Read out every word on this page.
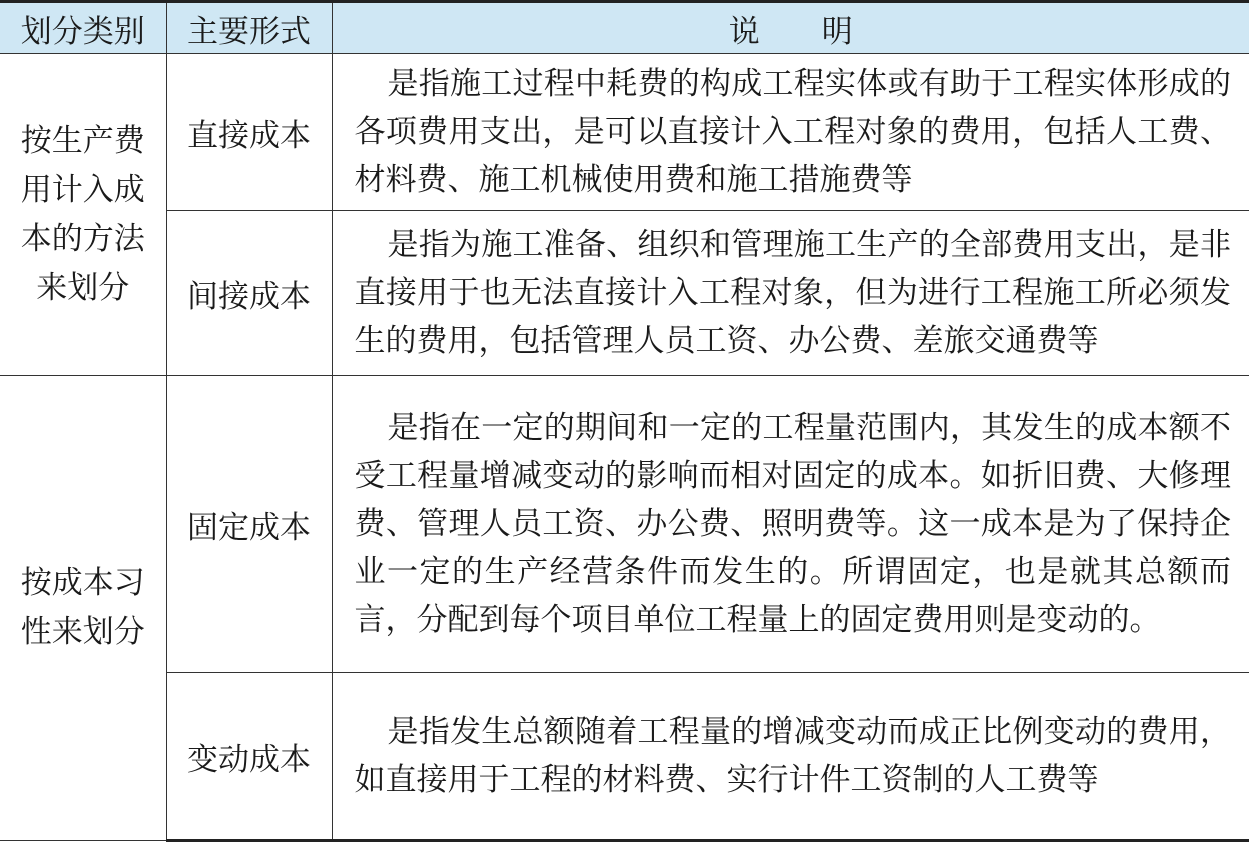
划分类别	主要形式	说　　明
按生产费用计入成本的方法来划分	直接成本	是指施工过程中耗费的构成工程实体或有助于工程实体形成的各项费用支出，是可以直接计入工程对象的费用，包括人工费、材料费、施工机械使用费和施工措施费等
	间接成本	是指为施工准备、组织和管理施工生产的全部费用支出，是非直接用于也无法直接计入工程对象，但为进行工程施工所必须发生的费用，包括管理人员工资、办公费、差旅交通费等
按成本习性来划分	固定成本	是指在一定的期间和一定的工程量范围内，其发生的成本额不受工程量增减变动的影响而相对固定的成本。如折旧费、大修理费、管理人员工资、办公费、照明费等。这一成本是为了保持企业一定的生产经营条件而发生的。所谓固定，也是就其总额而言，分配到每个项目单位工程量上的固定费用则是变动的。
	变动成本	是指发生总额随着工程量的增减变动而成正比例变动的费用，如直接用于工程的材料费、实行计件工资制的人工费等
